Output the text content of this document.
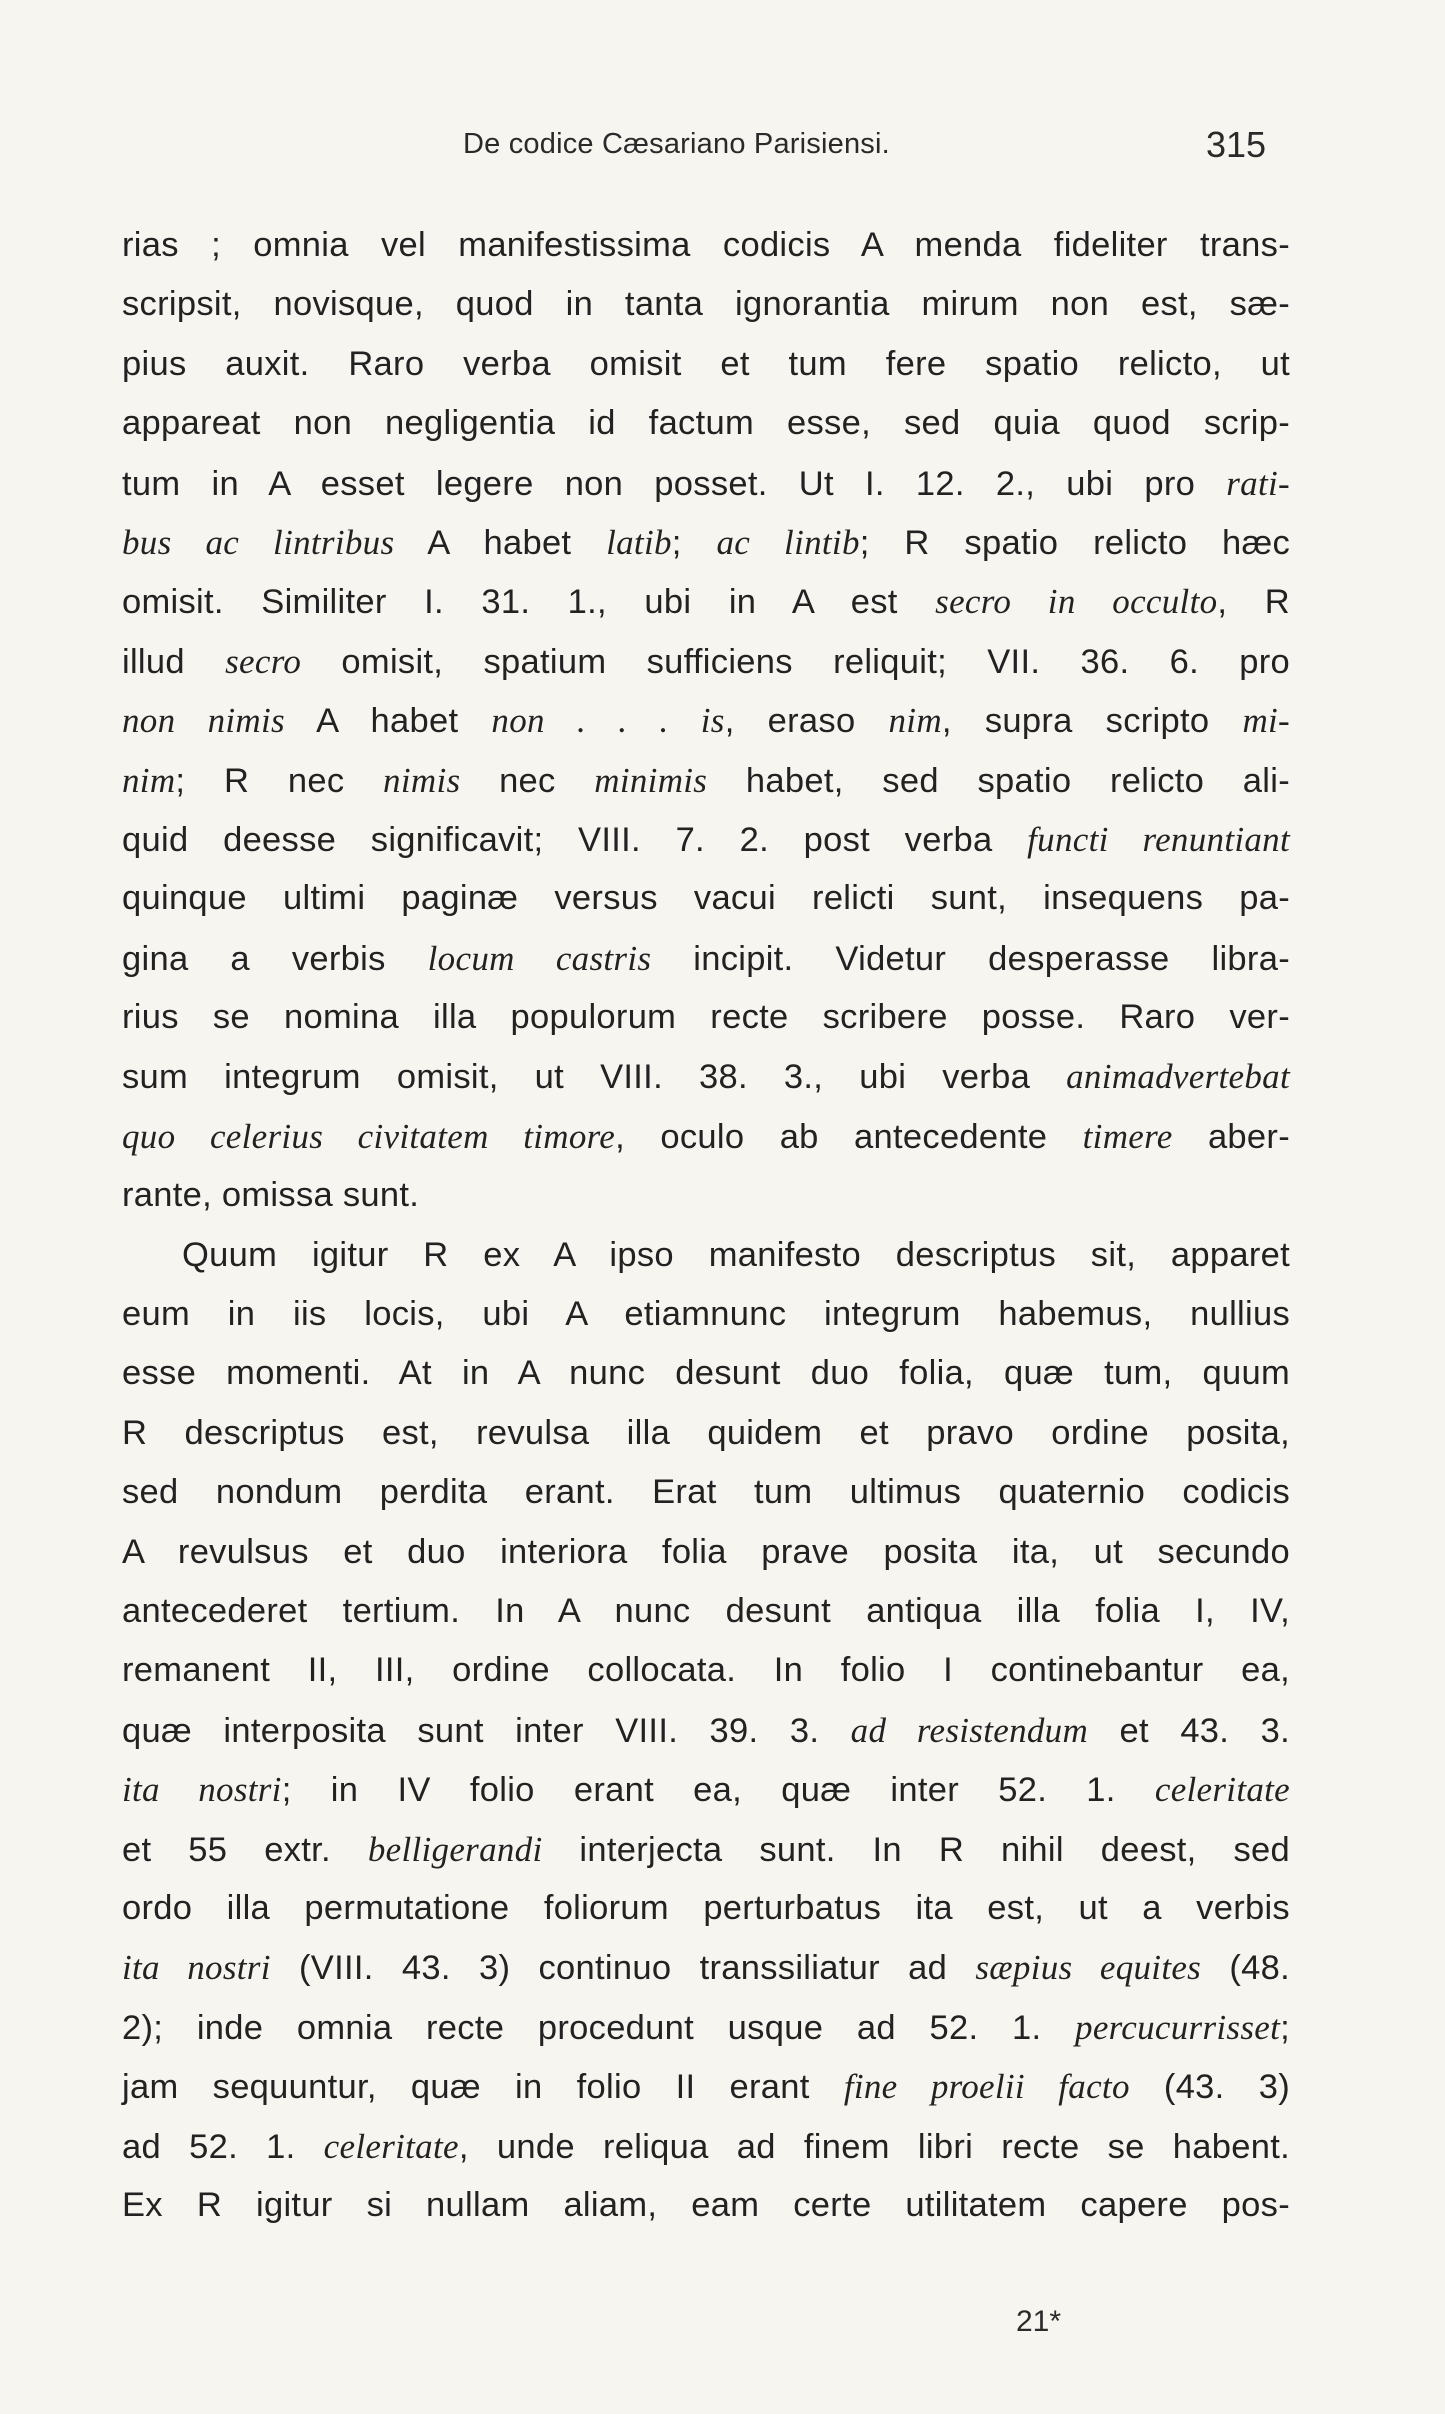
De codice Cæsariano Parisiensi.	315
rias ; omnia vel manifestissima codicis A menda fideliter trans-
scripsit, novisque, quod in tanta ignorantia mirum non est, sæ-
pius auxit. Raro verba omisit et tum fere spatio relicto, ut
appareat non negligentia id factum esse, sed quia quod scrip-
tum in A esset legere non posset. Ut I. 12. 2., ubi pro rati-
bus ac lintribus A habet latib; ac lintib; R spatio relicto hæc
omisit. Similiter I. 31. 1., ubi in A est secro in occulto, R
illud secro omisit, spatium sufficiens reliquit; VII. 36. 6. pro
non nimis A habet non . . . is, eraso nim, supra scripto mi-
nim; R nec nimis nec minimis habet, sed spatio relicto ali-
quid deesse significavit; VIII. 7. 2. post verba functi renuntiant
quinque ultimi paginæ versus vacui relicti sunt, insequens pa-
gina a verbis locum castris incipit. Videtur desperasse libra-
rius se nomina illa populorum recte scribere posse. Raro ver-
sum integrum omisit, ut VIII. 38. 3., ubi verba animadvertebat
quo celerius civitatem timore, oculo ab antecedente timere aber-
rante, omissa sunt.
Quum igitur R ex A ipso manifesto descriptus sit, apparet
eum in iis locis, ubi A etiamnunc integrum habemus, nullius
esse momenti. At in A nunc desunt duo folia, quæ tum, quum
R descriptus est, revulsa illa quidem et pravo ordine posita,
sed nondum perdita erant. Erat tum ultimus quaternio codicis
A revulsus et duo interiora folia prave posita ita, ut secundo
antecederet tertium. In A nunc desunt antiqua illa folia I, IV,
remanent II, III, ordine collocata. In folio I continebantur ea,
quæ interposita sunt inter VIII. 39. 3. ad resistendum et 43. 3.
ita nostri; in IV folio erant ea, quæ inter 52. 1. celeritate
et 55 extr. belligerandi interjecta sunt. In R nihil deest, sed
ordo illa permutatione foliorum perturbatus ita est, ut a verbis
ita nostri (VIII. 43. 3) continuo transsiliatur ad sæpius equites (48.
2); inde omnia recte procedunt usque ad 52. 1. percucurrisset;
jam sequuntur, quæ in folio II erant fine proelii facto (43. 3)
ad 52. 1. celeritate, unde reliqua ad finem libri recte se habent.
Ex R igitur si nullam aliam, eam certe utilitatem capere pos-
21*
